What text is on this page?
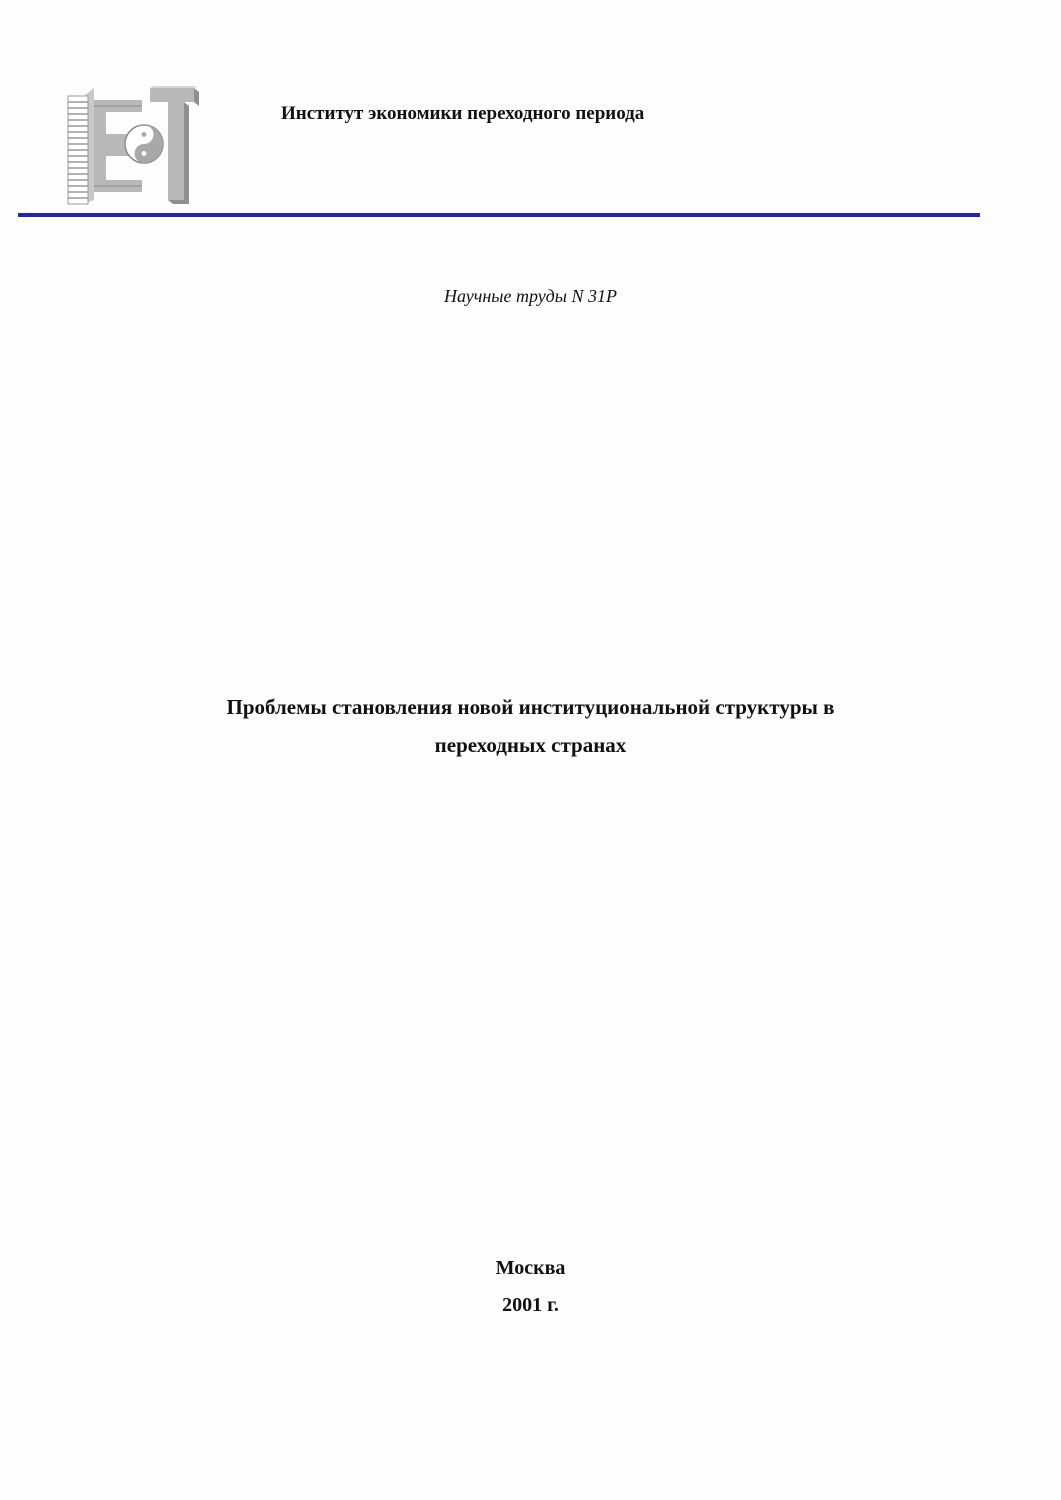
Институт экономики переходного периода
Научные труды N 31P
Проблемы становления новой институциональной структуры в
переходных странах
Москва
2001 г.
